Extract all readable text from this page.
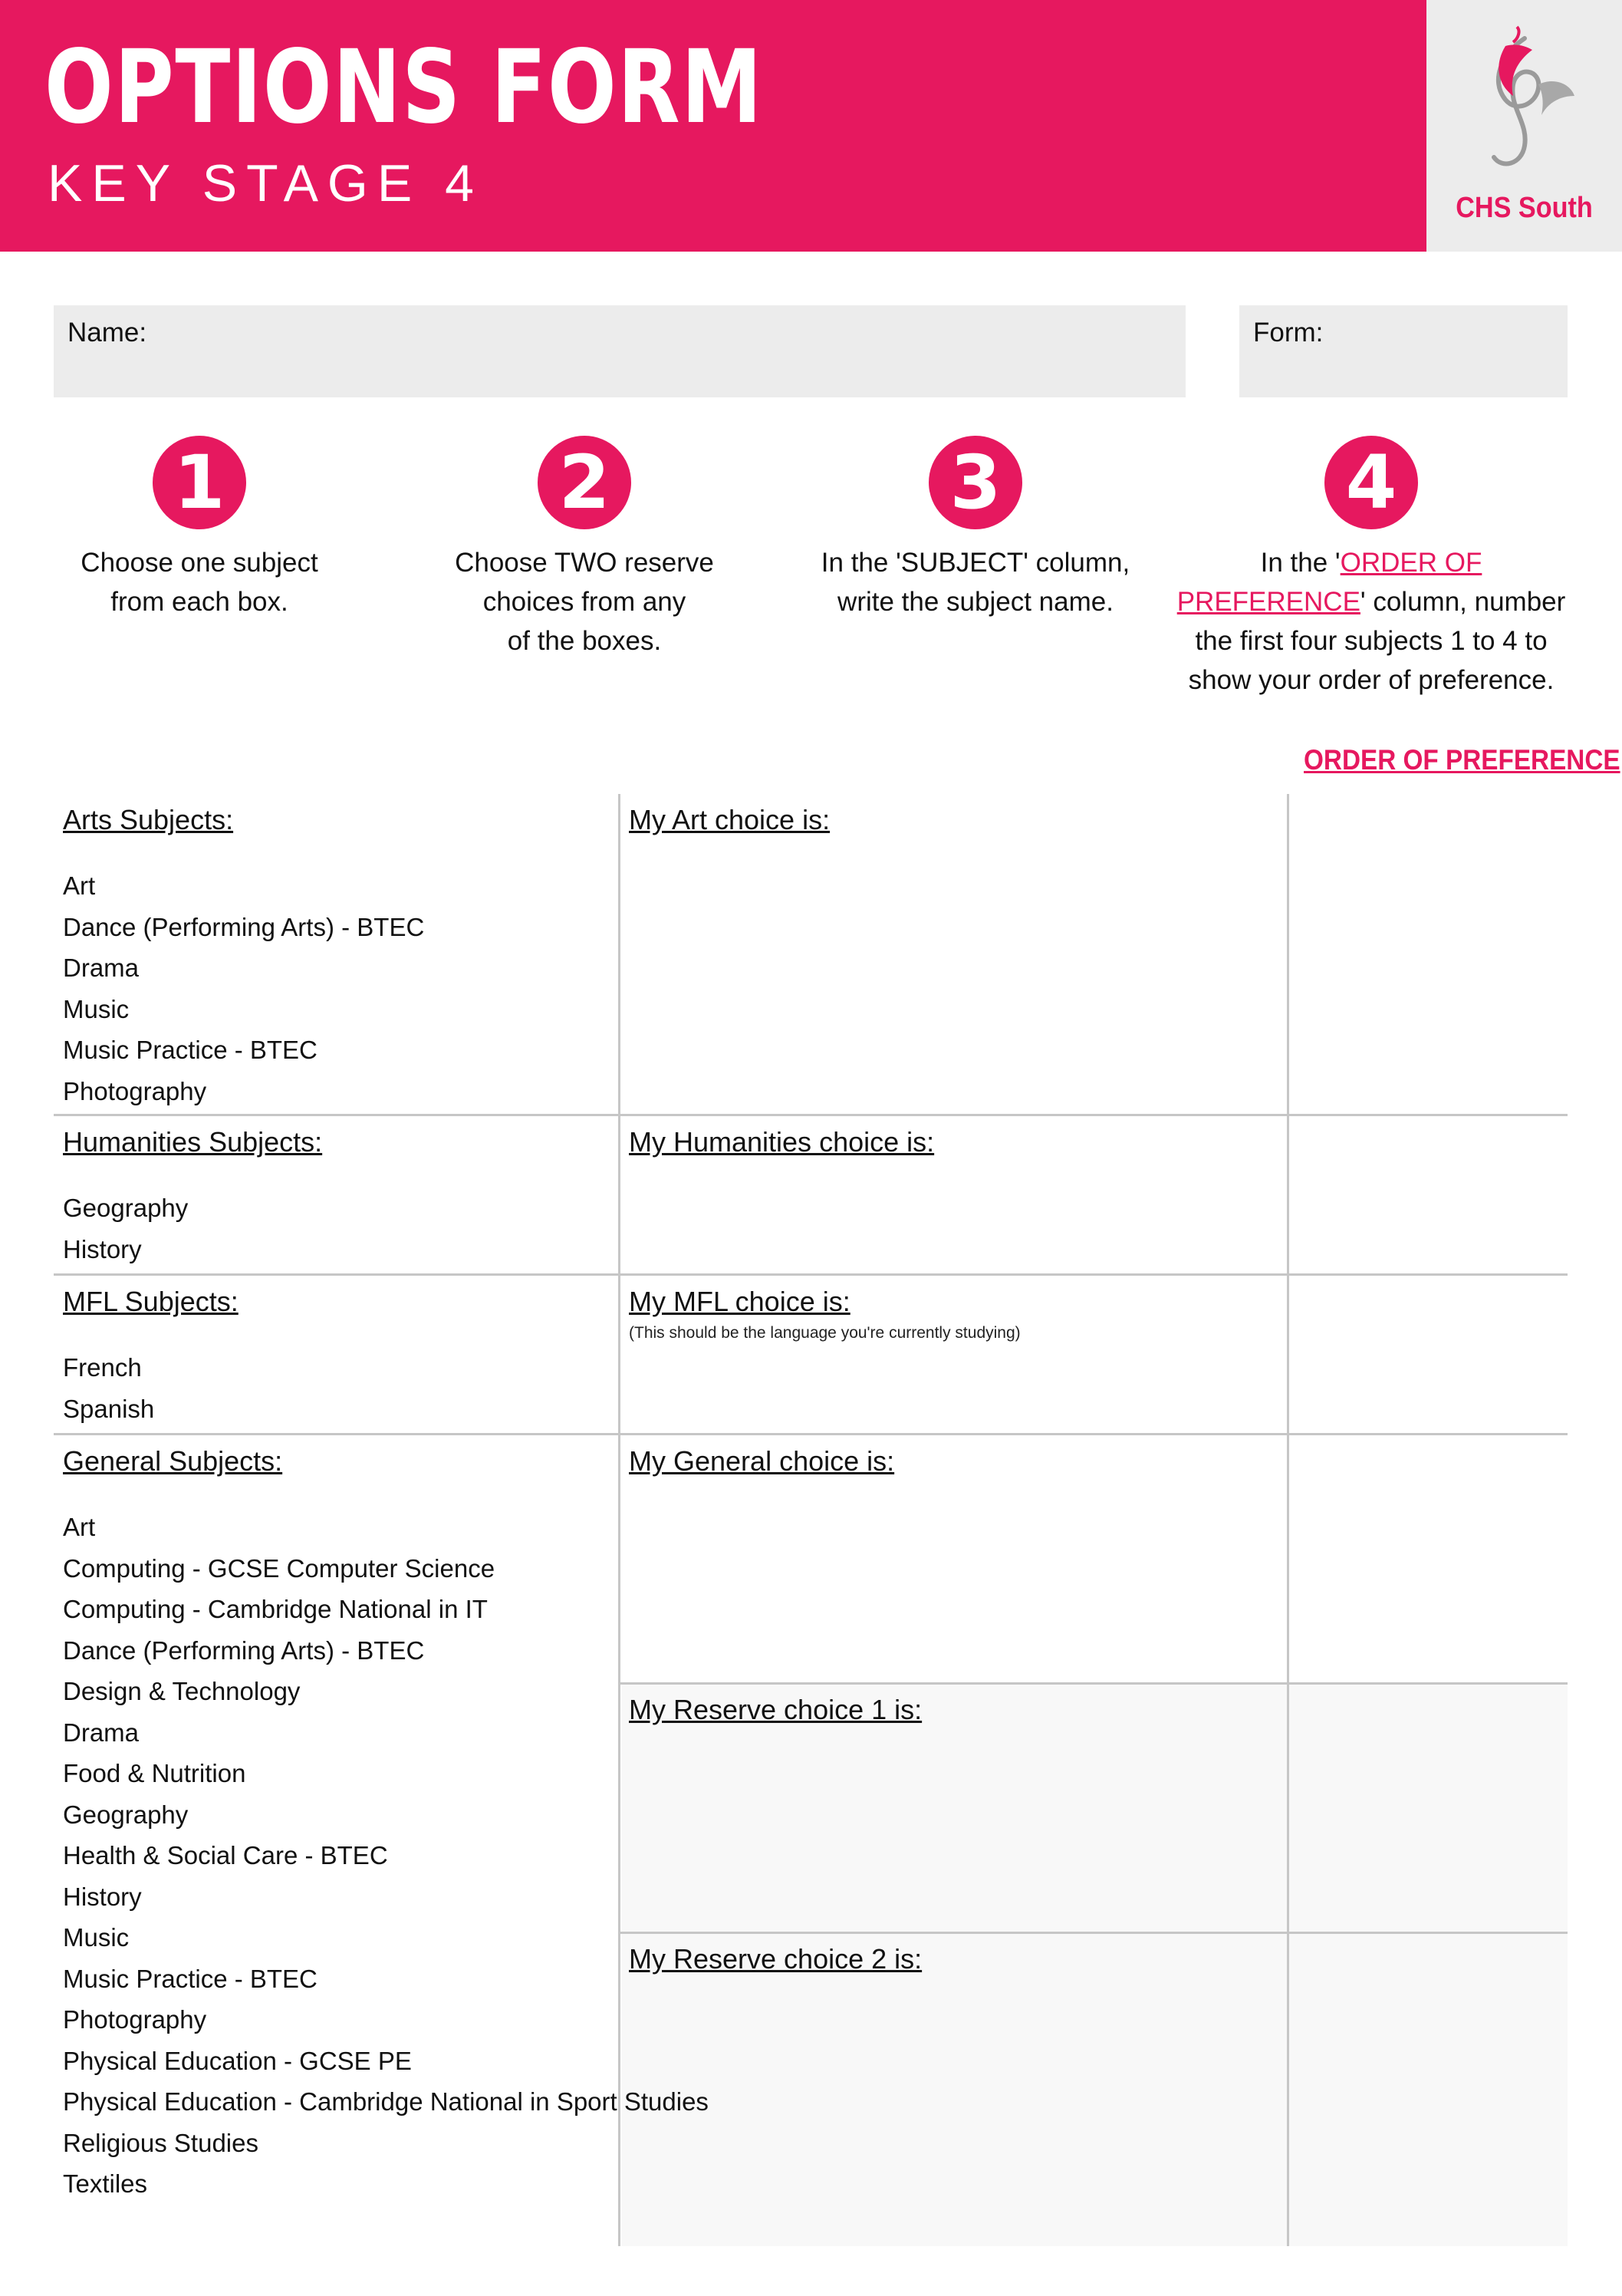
OPTIONS FORM
KEY STAGE 4	CHS South
Name:	Form:
1
Choose one subject
from each box.
2
Choose TWO reserve
choices from any
of the boxes.
3
In the 'SUBJECT' column,
write the subject name.
4
In the 'ORDER OF
PREFERENCE' column, number
the first four subjects 1 to 4 to
show your order of preference.
ORDER OF PREFERENCE
Arts Subjects:
Art
Dance (Performing Arts) - BTEC
Drama
Music
Music Practice - BTEC
Photography
Humanities Subjects:
Geography
History
MFL Subjects:
French
Spanish
General Subjects:
Art
Computing - GCSE Computer Science
Computing - Cambridge National in IT
Dance (Performing Arts) - BTEC
Design & Technology
Drama
Food & Nutrition
Geography
Health & Social Care - BTEC
History
Music
Music Practice - BTEC
Photography
Physical Education - GCSE PE
Physical Education - Cambridge National in Sport Studies
Religious Studies
Textiles
My Art choice is:
My Humanities choice is:
My MFL choice is:
(This should be the language you're currently studying)
My General choice is:
My Reserve choice 1 is:
My Reserve choice 2 is:
